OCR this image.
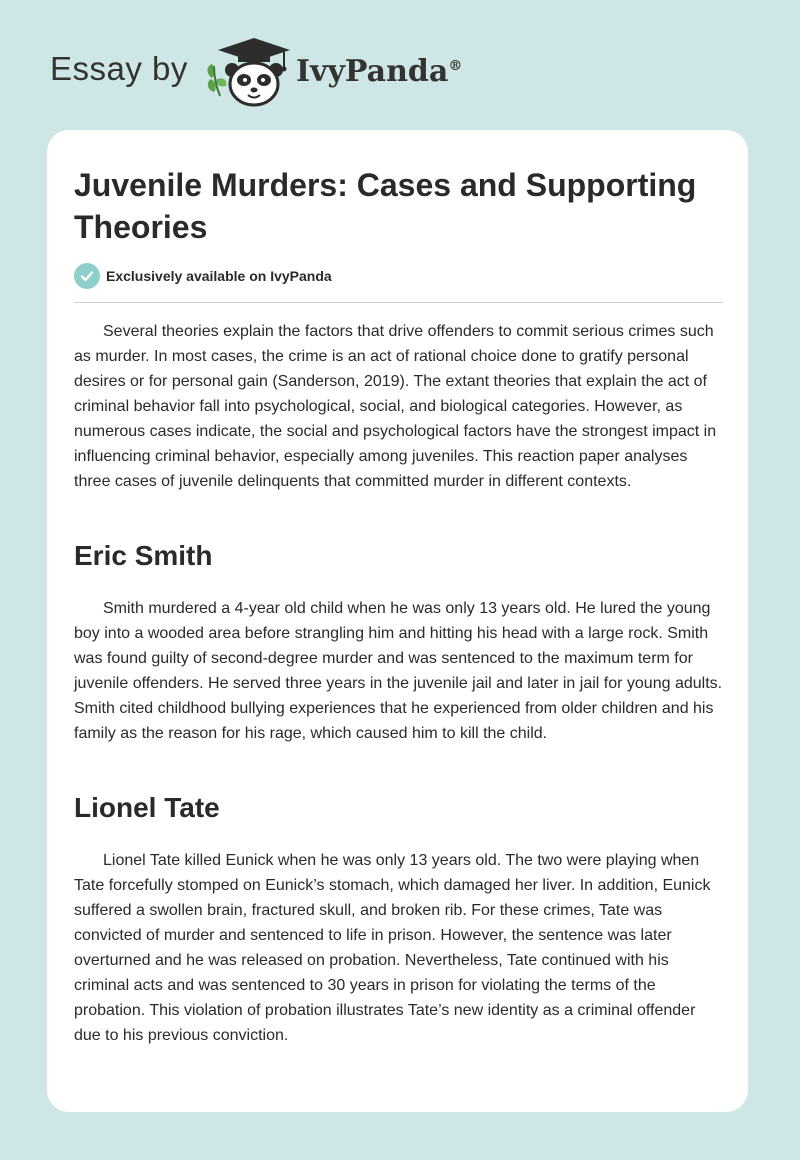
Essay by	IvyPanda®
Juvenile Murders: Cases and Supporting Theories
Exclusively available on IvyPanda

Several theories explain the factors that drive offenders to commit serious crimes such as murder. In most cases, the crime is an act of rational choice done to gratify personal desires or for personal gain (Sanderson, 2019). The extant theories that explain the act of criminal behavior fall into psychological, social, and biological categories. However, as numerous cases indicate, the social and psychological factors have the strongest impact in influencing criminal behavior, especially among juveniles. This reaction paper analyses three cases of juvenile delinquents that committed murder in different contexts.

Eric Smith

Smith murdered a 4-year old child when he was only 13 years old. He lured the young boy into a wooded area before strangling him and hitting his head with a large rock. Smith was found guilty of second-degree murder and was sentenced to the maximum term for juvenile offenders. He served three years in the juvenile jail and later in jail for young adults. Smith cited childhood bullying experiences that he experienced from older children and his family as the reason for his rage, which caused him to kill the child.

Lionel Tate

Lionel Tate killed Eunick when he was only 13 years old. The two were playing when Tate forcefully stomped on Eunick’s stomach, which damaged her liver. In addition, Eunick suffered a swollen brain, fractured skull, and broken rib. For these crimes, Tate was convicted of murder and sentenced to life in prison. However, the sentence was later overturned and he was released on probation. Nevertheless, Tate continued with his criminal acts and was sentenced to 30 years in prison for violating the terms of the probation. This violation of probation illustrates Tate’s new identity as a criminal offender due to his previous conviction.
